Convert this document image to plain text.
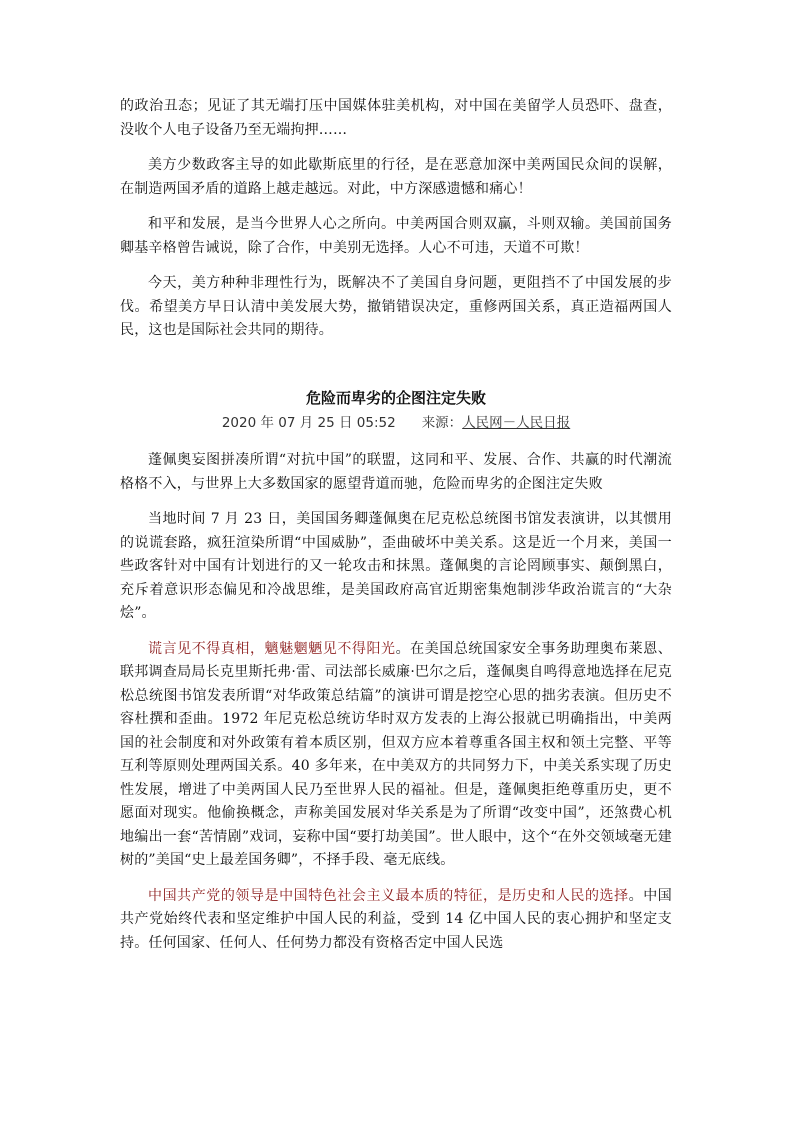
的政治丑态；见证了其无端打压中国媒体驻美机构，对中国在美留学人员恐吓、盘查，没收个人电子设备乃至无端拘押……

美方少数政客主导的如此歇斯底里的行径，是在恶意加深中美两国民众间的误解，在制造两国矛盾的道路上越走越远。对此，中方深感遗憾和痛心！

和平和发展，是当今世界人心之所向。中美两国合则双赢，斗则双输。美国前国务卿基辛格曾告诫说，除了合作，中美别无选择。人心不可违，天道不可欺！

今天，美方种种非理性行为，既解决不了美国自身问题，更阻挡不了中国发展的步伐。希望美方早日认清中美发展大势，撤销错误决定，重修两国关系，真正造福两国人民，这也是国际社会共同的期待。

危险而卑劣的企图注定失败
2020 年 07 月 25 日 05:52 来源：人民网－人民日报

蓬佩奥妄图拼凑所谓“对抗中国”的联盟，这同和平、发展、合作、共赢的时代潮流格格不入，与世界上大多数国家的愿望背道而驰，危险而卑劣的企图注定失败

当地时间 7 月 23 日，美国国务卿蓬佩奥在尼克松总统图书馆发表演讲，以其惯用的说谎套路，疯狂渲染所谓“中国威胁”，歪曲破坏中美关系。这是近一个月来，美国一些政客针对中国有计划进行的又一轮攻击和抹黑。蓬佩奥的言论罔顾事实、颠倒黑白，充斥着意识形态偏见和冷战思维，是美国政府高官近期密集炮制涉华政治谎言的“大杂烩”。

谎言见不得真相，魑魅魍魉见不得阳光。在美国总统国家安全事务助理奥布莱恩、联邦调查局局长克里斯托弗·雷、司法部长威廉·巴尔之后，蓬佩奥自鸣得意地选择在尼克松总统图书馆发表所谓“对华政策总结篇”的演讲可谓是挖空心思的拙劣表演。但历史不容杜撰和歪曲。1972 年尼克松总统访华时双方发表的上海公报就已明确指出，中美两国的社会制度和对外政策有着本质区别，但双方应本着尊重各国主权和领土完整、平等互利等原则处理两国关系。40 多年来，在中美双方的共同努力下，中美关系实现了历史性发展，增进了中美两国人民乃至世界人民的福祉。但是，蓬佩奥拒绝尊重历史，更不愿面对现实。他偷换概念，声称美国发展对华关系是为了所谓“改变中国”，还煞费心机地编出一套“苦情剧”戏词，妄称中国“要打劫美国”。世人眼中，这个“在外交领域毫无建树的”美国“史上最差国务卿”，不择手段、毫无底线。

中国共产党的领导是中国特色社会主义最本质的特征，是历史和人民的选择。中国共产党始终代表和坚定维护中国人民的利益，受到 14 亿中国人民的衷心拥护和坚定支持。任何国家、任何人、任何势力都没有资格否定中国人民选
